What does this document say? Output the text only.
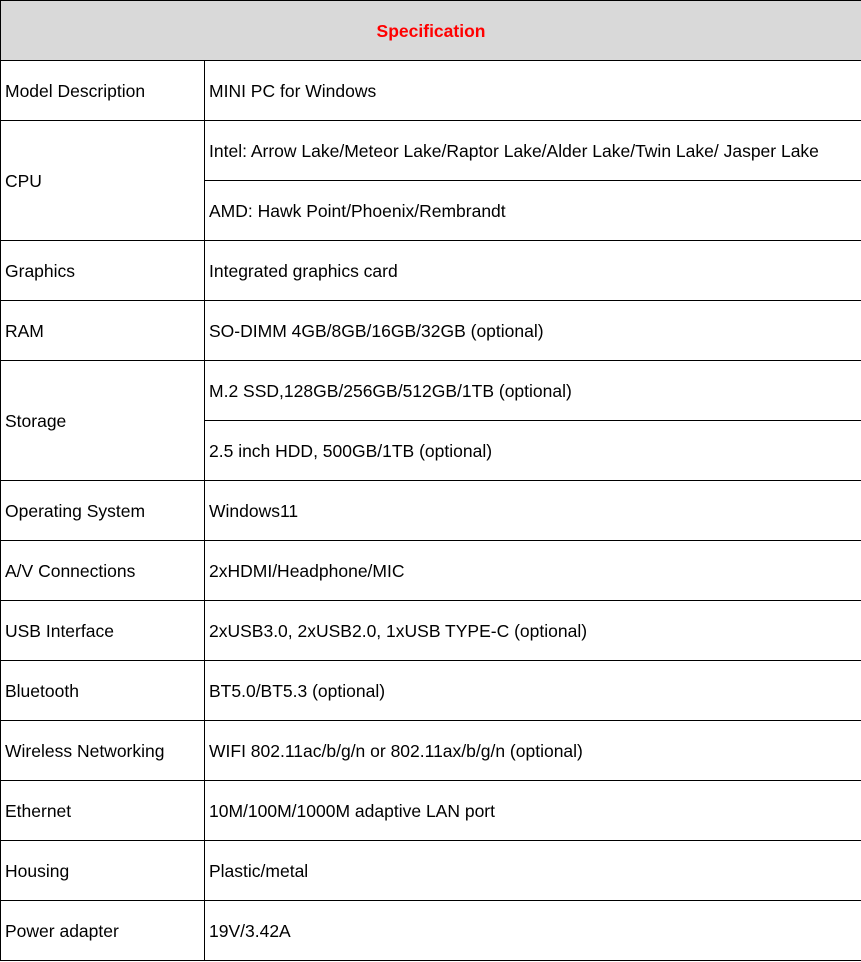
Specification	
Model Description	MINI PC for Windows
CPU	Intel: Arrow Lake/Meteor Lake/Raptor Lake/Alder Lake/Twin Lake/ Jasper Lake
	AMD: Hawk Point/Phoenix/Rembrandt
Graphics	Integrated graphics card
RAM	SO-DIMM 4GB/8GB/16GB/32GB (optional)
Storage	M.2 SSD,128GB/256GB/512GB/1TB (optional)
	2.5 inch HDD, 500GB/1TB (optional)
Operating System	Windows11
A/V Connections	2xHDMI/Headphone/MIC
USB Interface	2xUSB3.0, 2xUSB2.0, 1xUSB TYPE-C (optional)
Bluetooth	BT5.0/BT5.3 (optional)
Wireless Networking	WIFI 802.11ac/b/g/n or 802.11ax/b/g/n (optional)
Ethernet	10M/100M/1000M adaptive LAN port
Housing	Plastic/metal
Power adapter	19V/3.42A
